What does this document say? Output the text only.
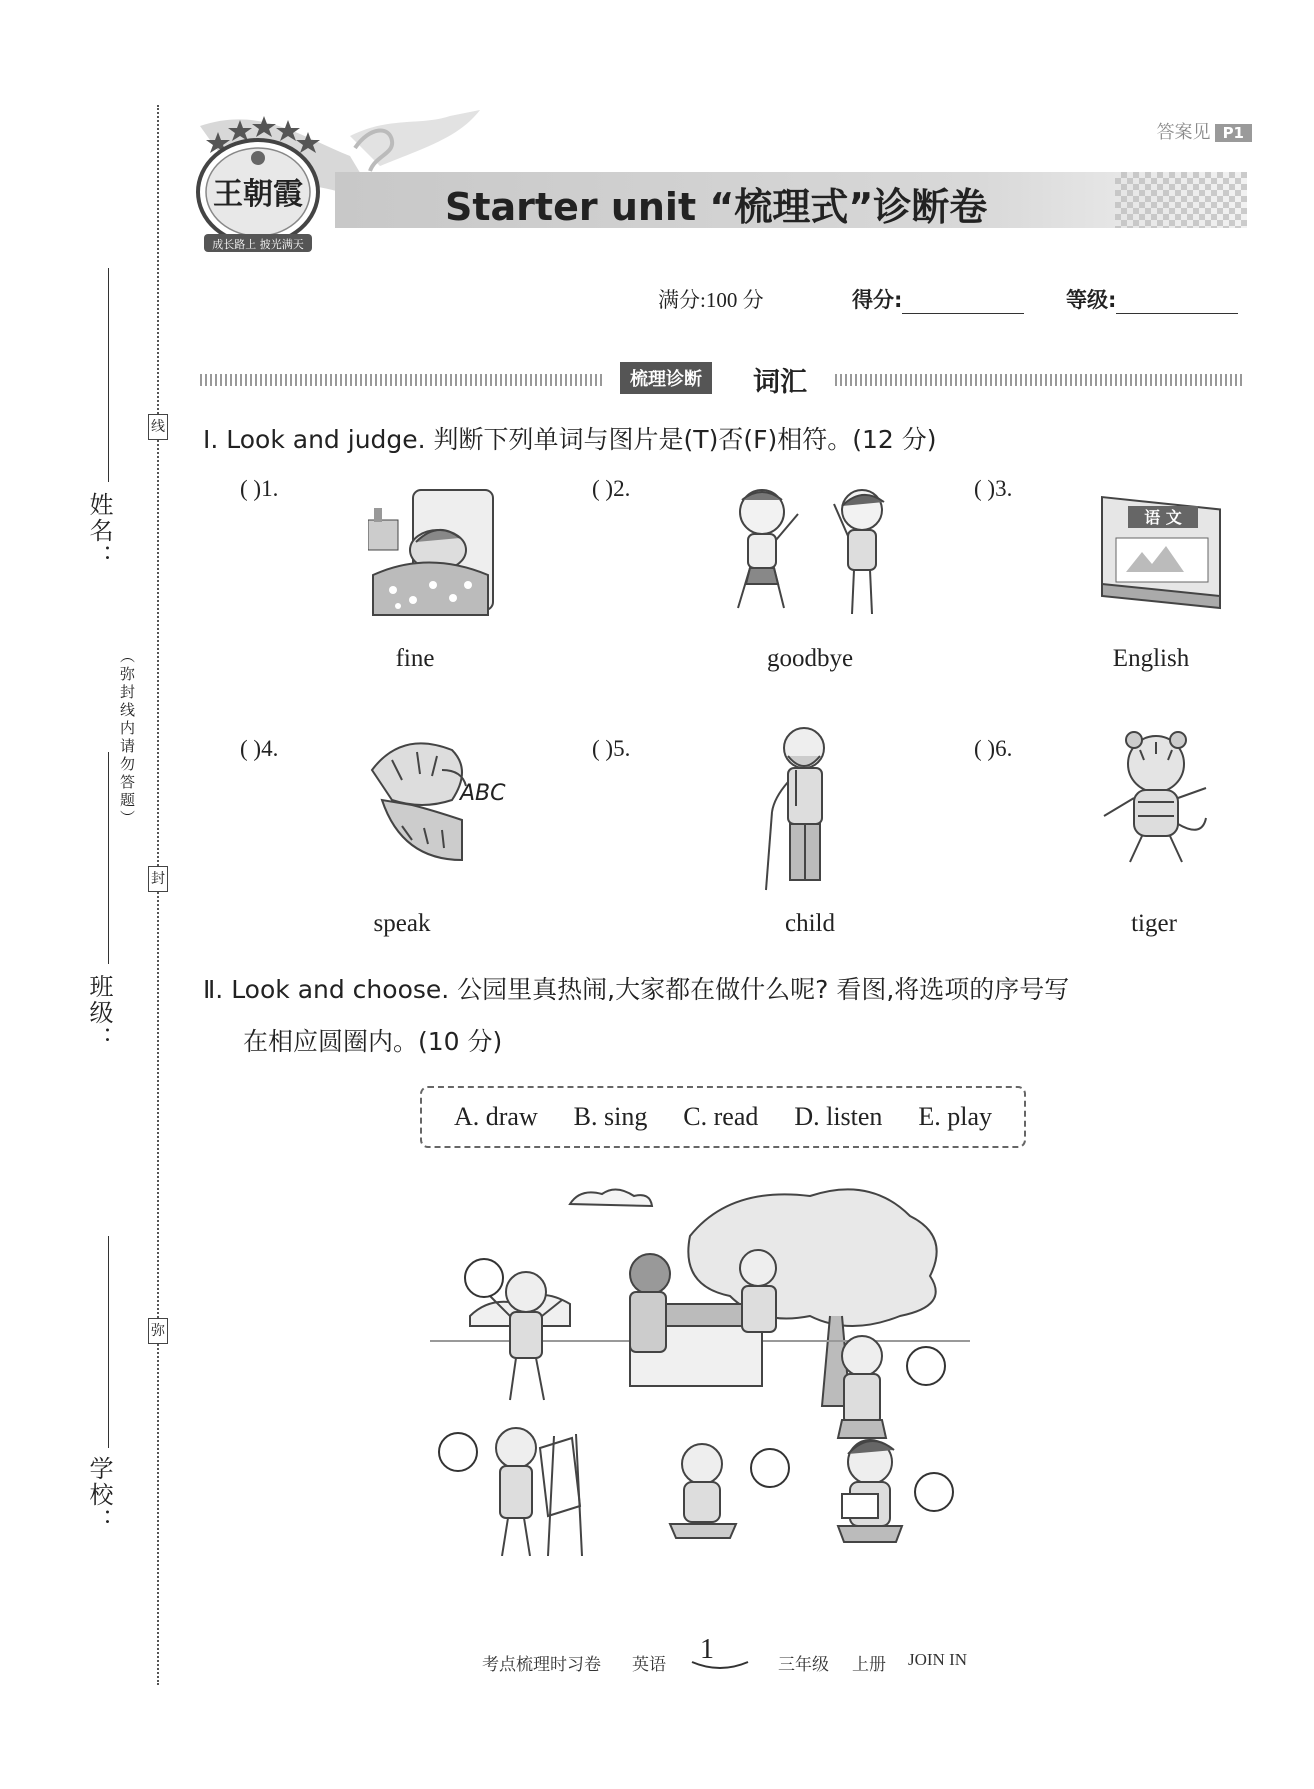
线
封
弥
（弥封线内请勿答题）
姓名：
班级：
学校：
答案见 P1
王朝霞
成长路上 披光满天
Starter unit “梳理式”诊断卷
满分:100 分	得分:	等级:
梳理诊断	词汇
Ⅰ. Look and judge. 判断下列单词与图片是(T)否(F)相符。(12 分)
( )1.	( )2.	( )3.
语 文
fine	goodbye	English
( )4.	( )5.	( )6.
ABC
speak	child	tiger
Ⅱ. Look and choose. 公园里真热闹,大家都在做什么呢? 看图,将选项的序号写
在相应圆圈内。(10 分)
A. draw B. sing C. read D. listen E. play
考点梳理时习卷 英语 1	三年级 上册 JOIN IN
